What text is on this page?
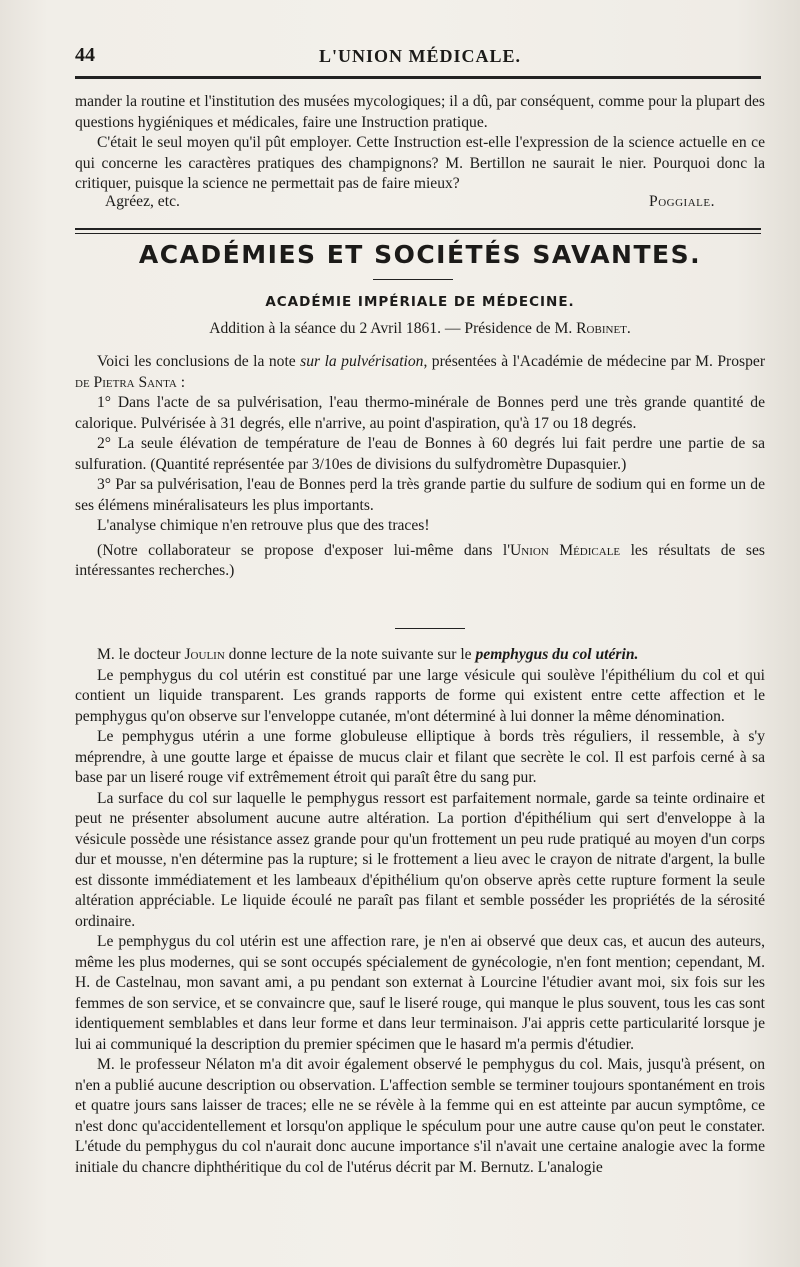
44	L'UNION MÉDICALE.

mander la routine et l'institution des musées mycologiques; il a dû, par conséquent, comme pour la plupart des questions hygiéniques et médicales, faire une Instruction pratique.

C'était le seul moyen qu'il pût employer. Cette Instruction est-elle l'expression de la science actuelle en ce qui concerne les caractères pratiques des champignons? M. Bertillon ne saurait le nier. Pourquoi donc la critiquer, puisque la science ne permettait pas de faire mieux?

Agréez, etc.	Poggiale.
ACADÉMIES ET SOCIÉTÉS SAVANTES.
ACADÉMIE IMPÉRIALE DE MÉDECINE.
Addition à la séance du 2 Avril 1861. — Présidence de M. Robinet.

Voici les conclusions de la note sur la pulvérisation, présentées à l'Académie de médecine par M. Prosper de Pietra Santa :

1° Dans l'acte de sa pulvérisation, l'eau thermo-minérale de Bonnes perd une très grande quantité de calorique. Pulvérisée à 31 degrés, elle n'arrive, au point d'aspiration, qu'à 17 ou 18 degrés.

2° La seule élévation de température de l'eau de Bonnes à 60 degrés lui fait perdre une partie de sa sulfuration. (Quantité représentée par 3/10es de divisions du sulfydromètre Dupasquier.)

3° Par sa pulvérisation, l'eau de Bonnes perd la très grande partie du sulfure de sodium qui en forme un de ses élémens minéralisateurs les plus importants.

L'analyse chimique n'en retrouve plus que des traces!

(Notre collaborateur se propose d'exposer lui-même dans l'Union Médicale les résultats de ses intéressantes recherches.)

M. le docteur Joulin donne lecture de la note suivante sur le pemphygus du col utérin.

Le pemphygus du col utérin est constitué par une large vésicule qui soulève l'épithélium du col et qui contient un liquide transparent. Les grands rapports de forme qui existent entre cette affection et le pemphygus qu'on observe sur l'enveloppe cutanée, m'ont déterminé à lui donner la même dénomination.

Le pemphygus utérin a une forme globuleuse elliptique à bords très réguliers, il ressemble, à s'y méprendre, à une goutte large et épaisse de mucus clair et filant que secrète le col. Il est parfois cerné à sa base par un liseré rouge vif extrêmement étroit qui paraît être du sang pur.

La surface du col sur laquelle le pemphygus ressort est parfaitement normale, garde sa teinte ordinaire et peut ne présenter absolument aucune autre altération. La portion d'épithélium qui sert d'enveloppe à la vésicule possède une résistance assez grande pour qu'un frottement un peu rude pratiqué au moyen d'un corps dur et mousse, n'en détermine pas la rupture; si le frottement a lieu avec le crayon de nitrate d'argent, la bulle est dissonte immédiatement et les lambeaux d'épithélium qu'on observe après cette rupture forment la seule altération appréciable. Le liquide écoulé ne paraît pas filant et semble posséder les propriétés de la sérosité ordinaire.

Le pemphygus du col utérin est une affection rare, je n'en ai observé que deux cas, et aucun des auteurs, même les plus modernes, qui se sont occupés spécialement de gynécologie, n'en font mention; cependant, M. H. de Castelnau, mon savant ami, a pu pendant son externat à Lourcine l'étudier avant moi, six fois sur les femmes de son service, et se convaincre que, sauf le liseré rouge, qui manque le plus souvent, tous les cas sont identiquement semblables et dans leur forme et dans leur terminaison. J'ai appris cette particularité lorsque je lui ai communiqué la description du premier spécimen que le hasard m'a permis d'étudier.

M. le professeur Nélaton m'a dit avoir également observé le pemphygus du col. Mais, jusqu'à présent, on n'en a publié aucune description ou observation. L'affection semble se terminer toujours spontanément en trois et quatre jours sans laisser de traces; elle ne se révèle à la femme qui en est atteinte par aucun symptôme, ce n'est donc qu'accidentellement et lorsqu'on applique le spéculum pour une autre cause qu'on peut le constater. L'étude du pemphygus du col n'aurait donc aucune importance s'il n'avait une certaine analogie avec la forme initiale du chancre diphthéritique du col de l'utérus décrit par M. Bernutz. L'analogie
